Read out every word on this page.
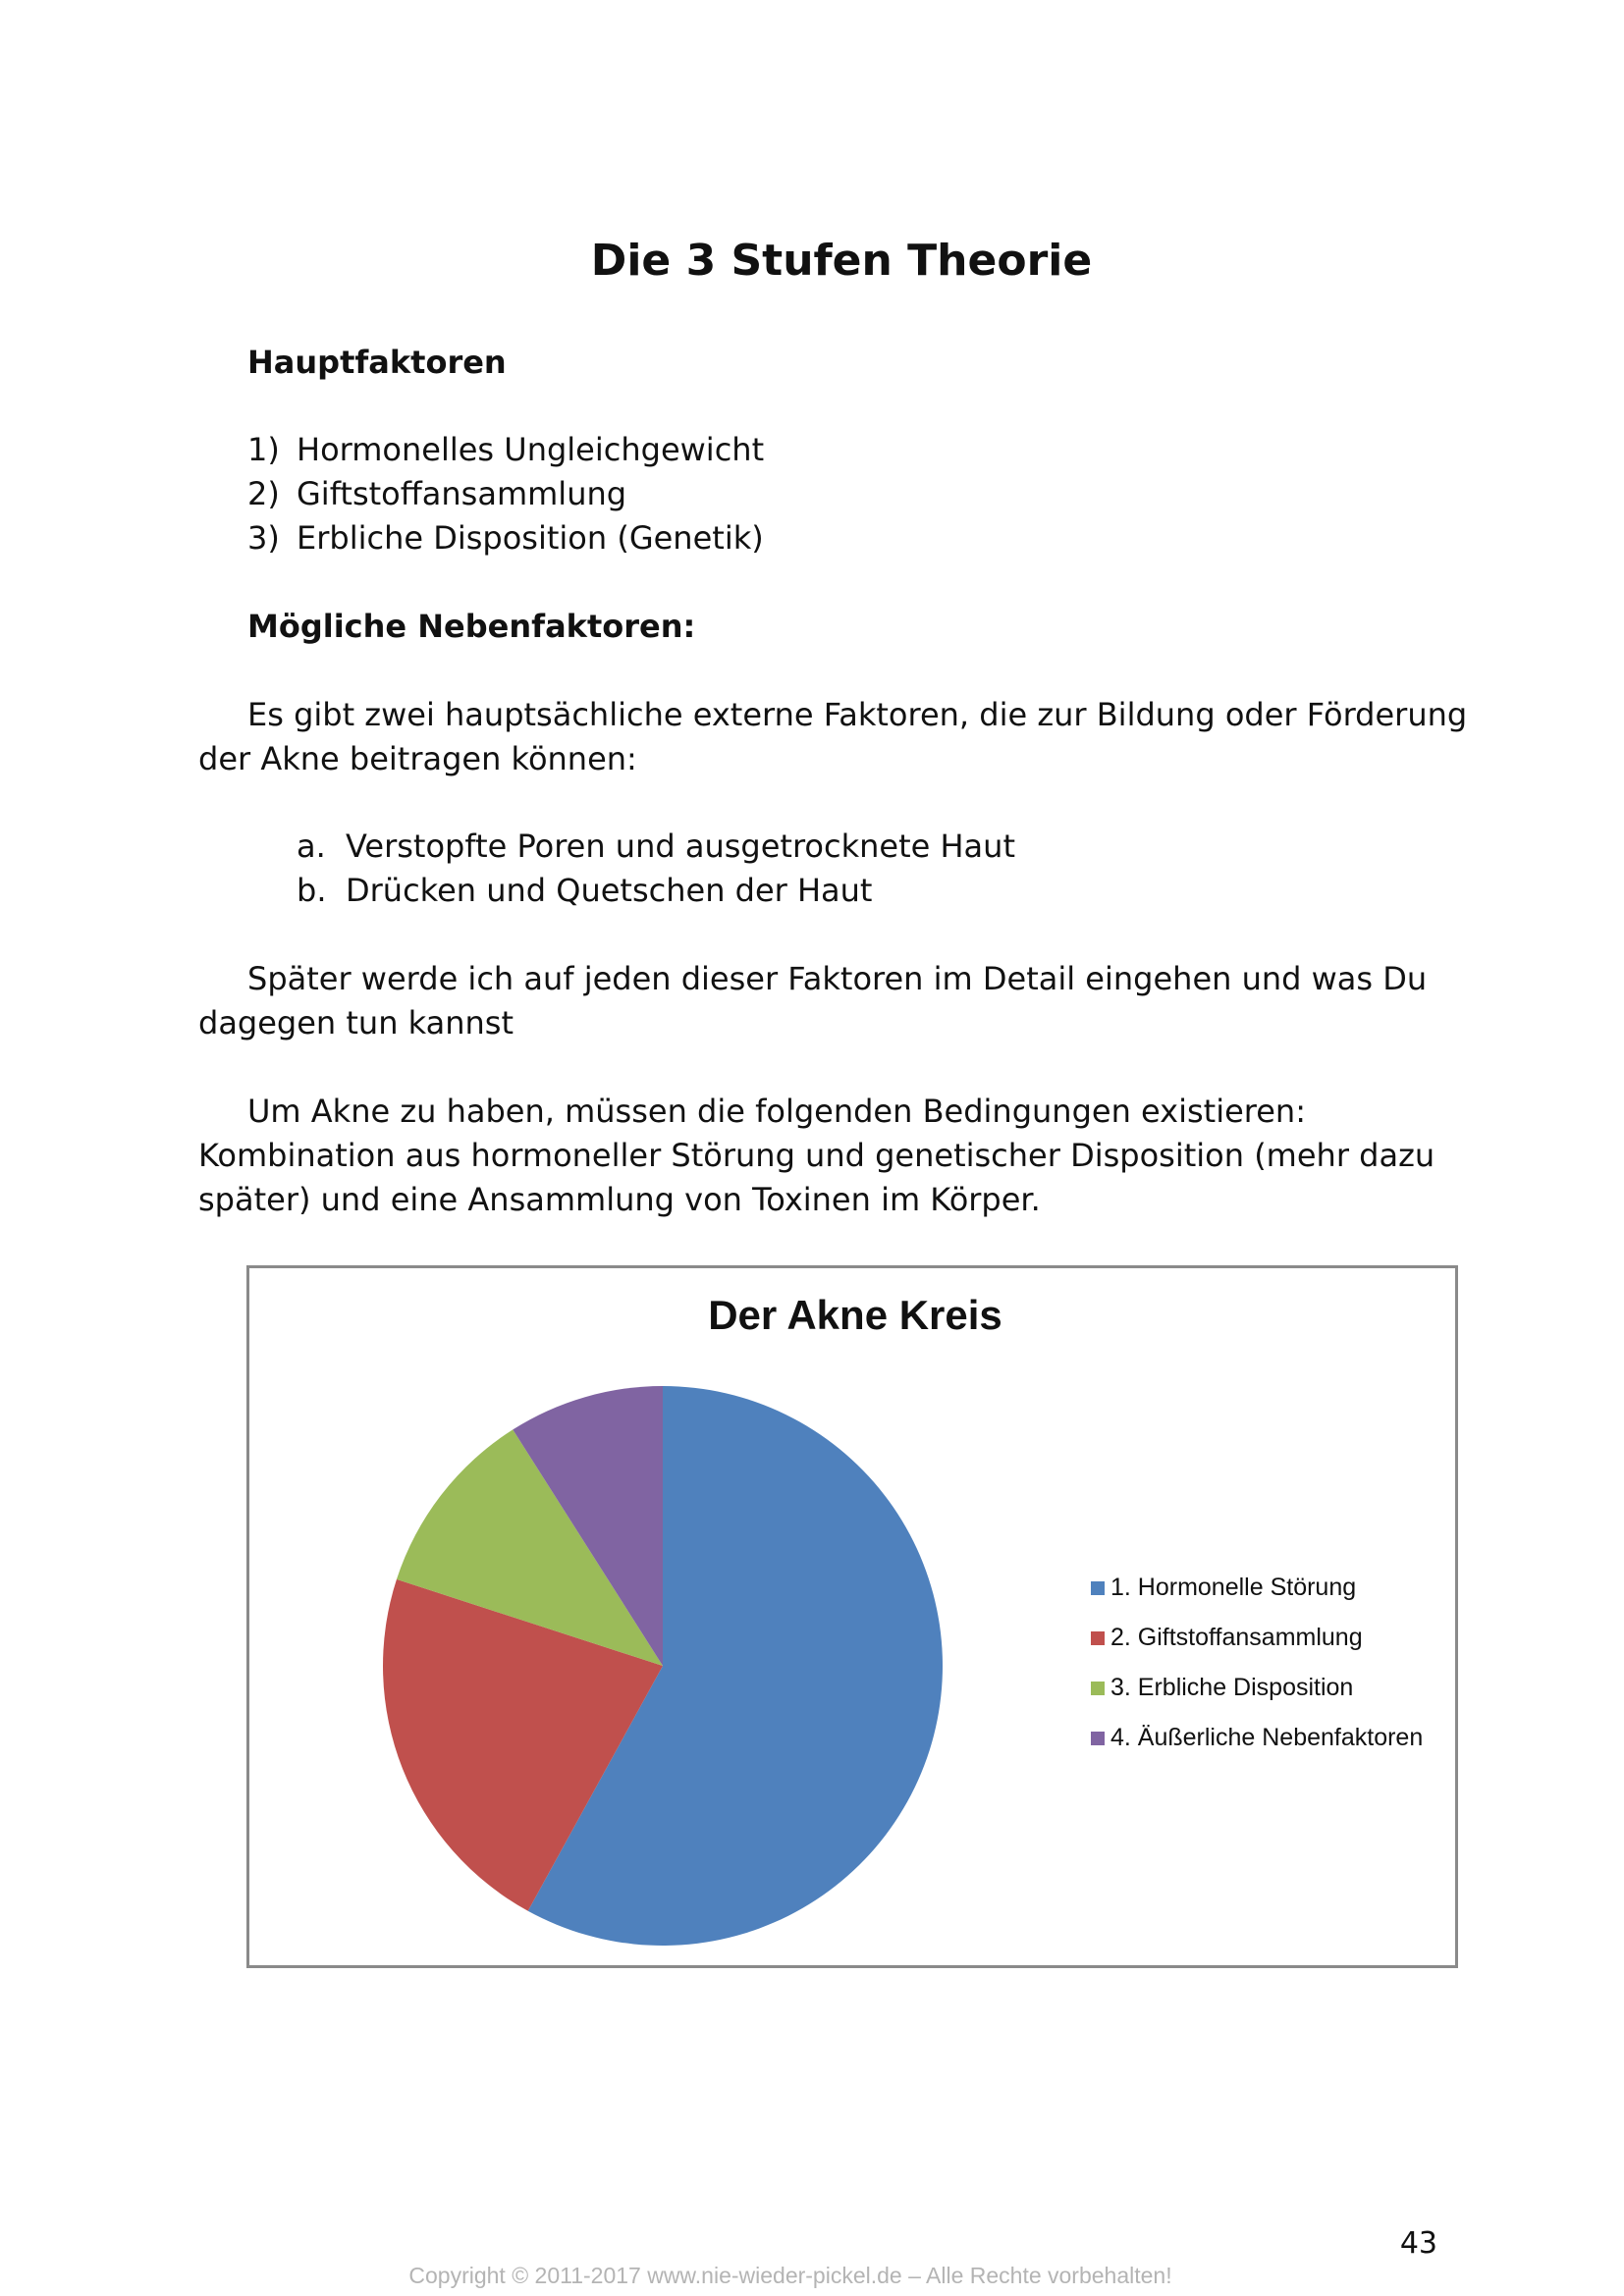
Die 3 Stufen Theorie
Hauptfaktoren
1) Hormonelles Ungleichgewicht
2) Giftstoffansammlung
3) Erbliche Disposition (Genetik)
Mögliche Nebenfaktoren:
Es gibt zwei hauptsächliche externe Faktoren, die zur Bildung oder Förderung
der Akne beitragen können:
a. Verstopfte Poren und ausgetrocknete Haut
b. Drücken und Quetschen der Haut
Später werde ich auf jeden dieser Faktoren im Detail eingehen und was Du
dagegen tun kannst
Um Akne zu haben, müssen die folgenden Bedingungen existieren:
Kombination aus hormoneller Störung und genetischer Disposition (mehr dazu
später) und eine Ansammlung von Toxinen im Körper.
Der Akne Kreis
1. Hormonelle Störung
2. Giftstoffansammlung
3. Erbliche Disposition
4. Äußerliche Nebenfaktoren

43

Copyright © 2011-2017 www.nie-wieder-pickel.de – Alle Rechte vorbehalten!
